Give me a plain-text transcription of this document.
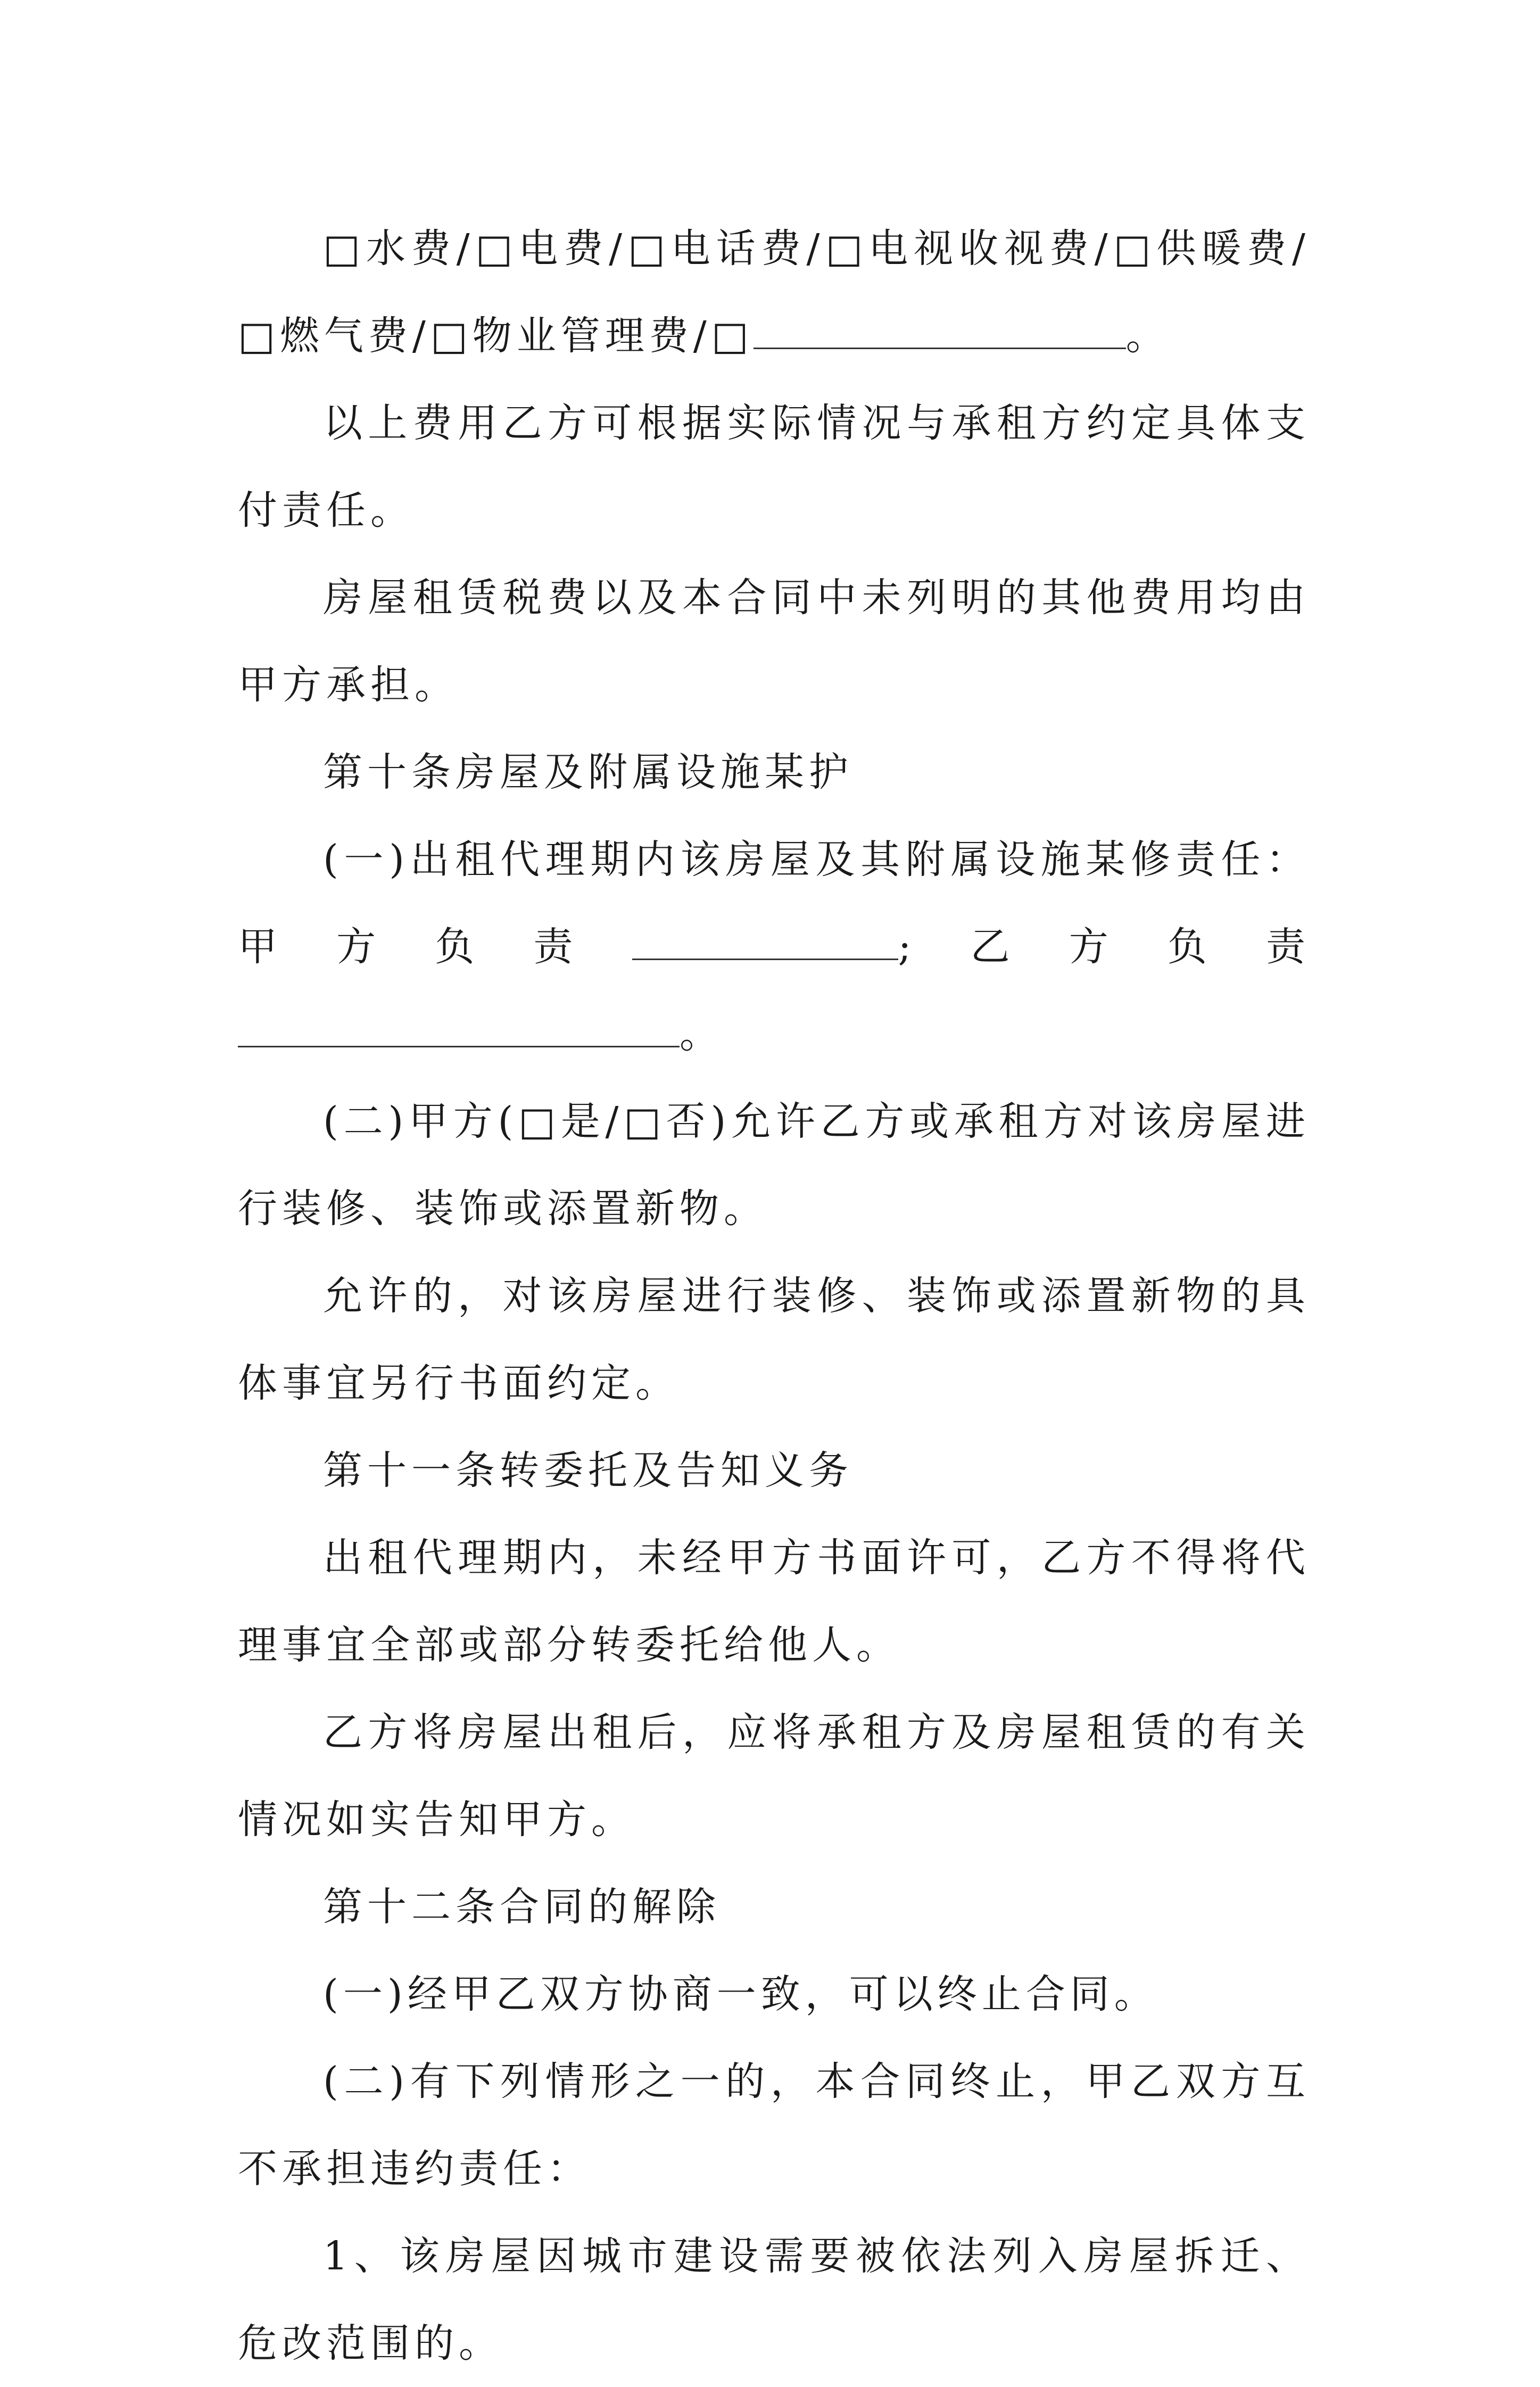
□水费/□电费/□电话费/□电视收视费/□供暖费/□燃气费/□物业管理费/□	。

以上费用乙方可根据实际情况与承租方约定具体支付责任。

房屋租赁税费以及本合同中未列明的其他费用均由甲方承担。

第十条房屋及附属设施某护

(一)出租代理期内该房屋及其附属设施某修责任：甲方负责	;乙方负责。

(二)甲方(□是/□否)允许乙方或承租方对该房屋进行装修、装饰或添置新物。

允许的，对该房屋进行装修、装饰或添置新物的具体事宜另行书面约定。

第十一条转委托及告知义务

出租代理期内，未经甲方书面许可，乙方不得将代理事宜全部或部分转委托给他人。

乙方将房屋出租后，应将承租方及房屋租赁的有关情况如实告知甲方。

第十二条合同的解除

(一)经甲乙双方协商一致，可以终止合同。

(二)有下列情形之一的，本合同终止，甲乙双方互不承担违约责任：

1、该房屋因城市建设需要被依法列入房屋拆迁、危改范围的。
